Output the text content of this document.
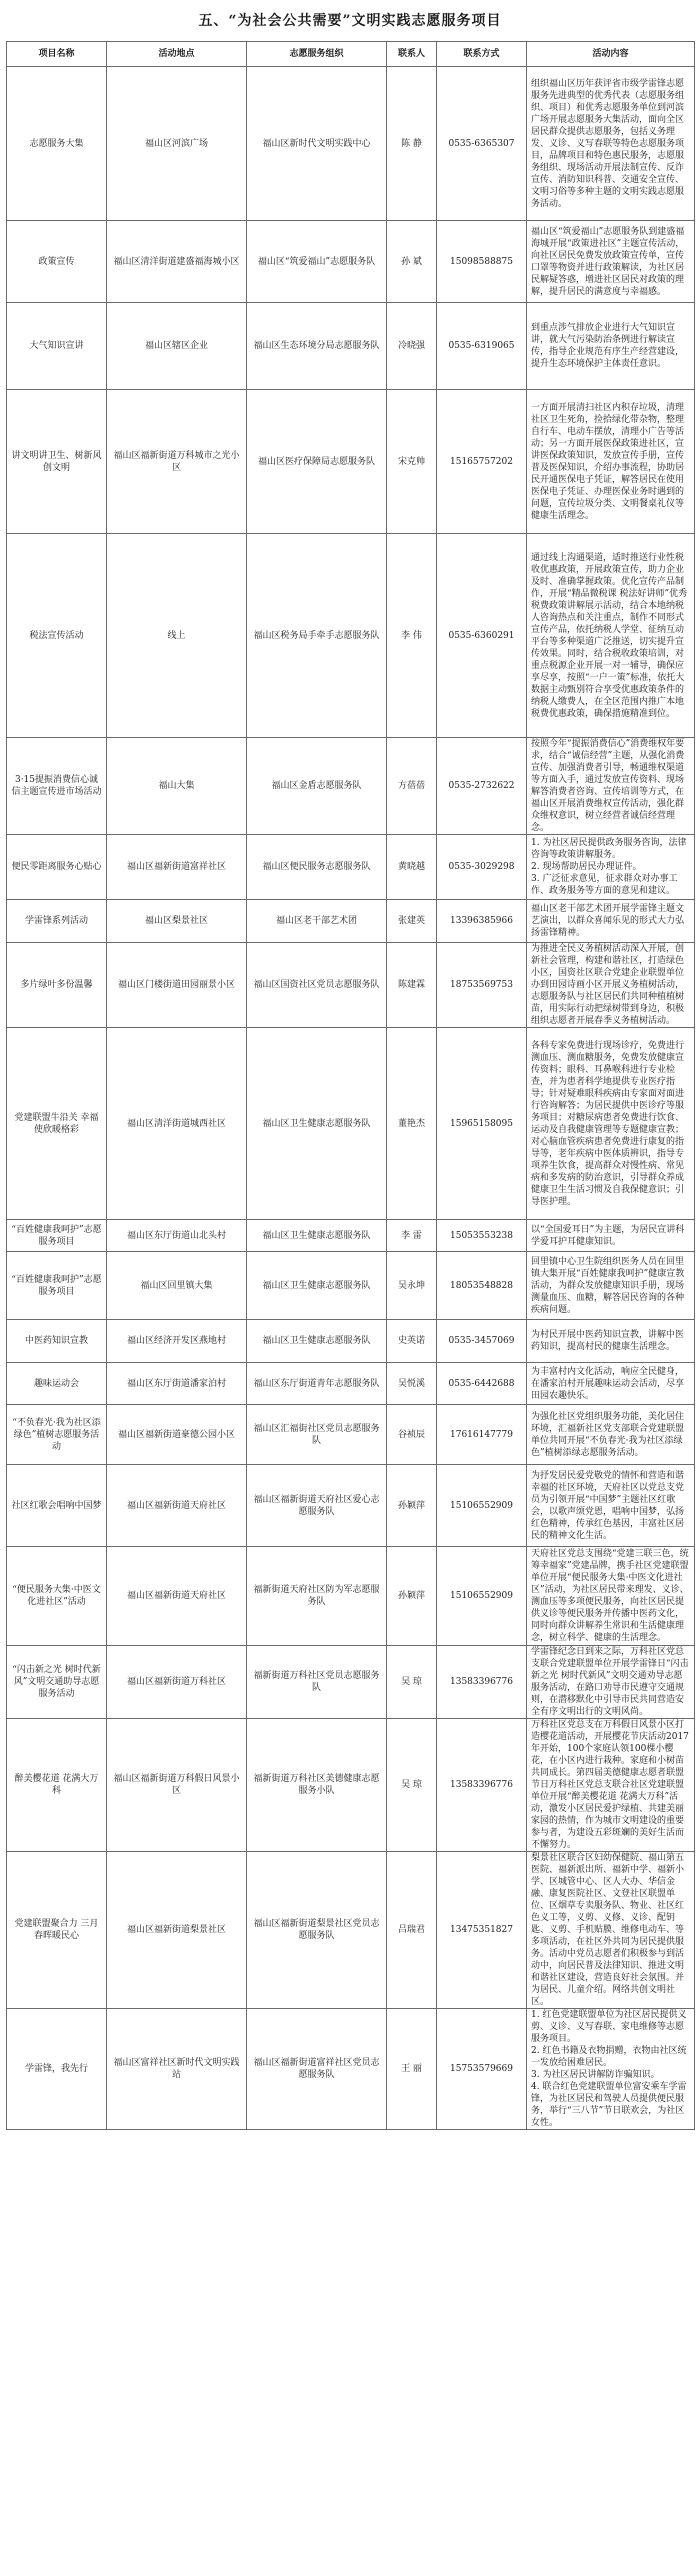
五、“为社会公共需要”文明实践志愿服务项目
项目名称	活动地点	志愿服务组织	联系人	联系方式	活动内容
志愿服务大集	福山区河滨广场	福山区新时代文明实践中心	陈 静	0535-6365307	组织福山区历年获评省市级学雷锋志愿服务先进典型的优秀代表（志愿服务组织、项目）和优秀志愿服务单位到河滨广场开展志愿服务大集活动，面向全区居民群众提供志愿服务，包括义务理发、义诊、义写春联等特色志愿服务项目，品牌项目和特色惠民服务，志愿服务组织、现场活动开展法制宣传、反诈宣传、消防知识科普、交通安全宣传、文明习俗等多种主题的文明实践志愿服务活动。
政策宣传	福山区清洋街道建盛福海城小区	福山区“筑爱福山”志愿服务队	孙 斌	15098588875	福山区“筑爱福山”志愿服务队到建盛福海城开展“政策进社区”主题宣传活动，向社区居民免费发放政策宣传单，宣传口罩等物资并进行政策解读，为社区居民解疑答惑，增进社区居民对政策的理解，提升居民的满意度与幸福感。
大气知识宣讲	福山区辖区企业	福山区生态环境分局志愿服务队	冷晓强	0535-6319065	到重点涉气排放企业进行大气知识宣讲，就大气污染防治条例进行解读宣传，指导企业规范有序生产经营建设，提升生态环境保护主体责任意识。
讲文明讲卫生、树新风创文明	福山区福新街道万科城市之光小区	福山区医疗保障局志愿服务队	宋克帅	15165757202	一方面开展清扫社区内积存垃圾，清理社区卫生死角，捡拾绿化带杂物，整理自行车、电动车摆放，清理小广告等活动；另一方面开展医保政策进社区，宣讲医保政策知识，发放宣传手册，宣传普及医保知识，介绍办事流程，协助居民开通医保电子凭证，解答居民在使用医保电子凭证、办理医保业务时遇到的问题，宣传垃圾分类、文明餐桌礼仪等健康生活理念。
税法宣传活动	线上	福山区税务局手牵手志愿服务队	李 伟	0535-6360291	通过线上沟通渠道，适时推送行业性税收优惠政策，开展政策宣传，助力企业及时、准确掌握政策。优化宣传产品制作，开展“精品微税课 税法好讲师”优秀税费政策讲解展示活动，结合本地纳税人咨询热点和关注重点，制作不同形式宣传产品，依托纳税人学堂、征纳互动平台等多种渠道广泛推送，切实提升宣传效果。同时，结合税收政策培训，对重点税源企业开展一对一辅导，确保应享尽享，按照“一户一策”标准，依托大数据主动甄别符合享受优惠政策条件的纳税人缴费人，在全区范围内推广本地税费优惠政策，确保措施精准到位。
3·15提振消费信心诚信主题宣传进市场活动	福山大集	福山区金盾志愿服务队	方蓓蓓	0535-2732622	按照今年“提振消费信心”消费维权年要求，结合“诚信经营”主题，从强化消费宣传、加强消费者引导，畅通维权渠道等方面入手，通过发放宣传资料、现场解答消费者咨询、宣传培训等方式，在福山区开展消费维权宣传活动，强化群众维权意识，树立经营者诚信经营理念。
便民零距离服务心贴心	福山区福新街道富祥社区	福山区便民服务志愿服务队	黄晓越	0535-3029298	1. 为社区居民提供政务服务咨询，法律咨询等政策讲解服务。
2. 现场帮助居民办理证件。
3. 广泛征求意见，征求群众对办事工作、政务服务等方面的意见和建议。
学雷锋系列活动	福山区梨景社区	福山区老干部艺术团	张建英	13396385966	福山区老干部艺术团开展学雷锋主题文艺演出，以群众喜闻乐见的形式大力弘扬雷锋精神。
多片绿叶多份温馨	福山区门楼街道田园丽景小区	福山区国资社区党员志愿服务队	陈建霖	18753569753	为推进全民义务植树活动深入开展，创新社会管理，构建和谐社区，打造绿色小区，国资社区联合党建企业联盟单位办到田园诗画小区开展义务植树活动，志愿服务队与社区居民们共同种植植树苗，用实际行动把绿树带到身边，积极组织志愿者开展春季义务植树活动。
党建联盟牛沿关 幸福使欣暖格彩	福山区清洋街道城西社区	福山区卫生健康志愿服务队	董艳杰	15965158095	各科专家免费进行现场诊疗，免费进行测血压、测血糖服务，免费发放健康宣传资料；眼科、耳鼻喉科进行专业检查，并为患者科学地提供专业医疗指导；针对疑难眼科疾病由专家面对面进行咨询解答；为居民提供中医诊疗等服务项目；对糖尿病患者免费进行饮食、运动及自我健康管理等专题健康宣教；对心脑血管疾病患者免费进行康复的指导等，老年疾病中医体质辨识，指导专项养生饮食，提高群众对慢性病、常见病和多发病的防治意识，引导群众养成健康卫生生活习惯及自我保健意识；引导医护理。
“百姓健康我呵护”志愿服务项目	福山区东厅街道山北头村	福山区卫生健康志愿服务队	李 雷	15053553238	以“全国爱耳日”为主题，为居民宣讲科学爱耳护耳健康知识。
“百姓健康我呵护”志愿服务项目	福山区回里镇大集	福山区卫生健康志愿服务队	吴永坤	18053548828	回里镇中心卫生院组织医务人员在回里镇大集开展“百姓健康我呵护”健康宣教活动，为群众发放健康知识手册，现场测量血压、血糖，解答居民咨询的各种疾病问题。
中医药知识宣教	福山区经济开发区燕地村	福山区卫生健康志愿服务队	史英诺	0535-3457069	为村民开展中医药知识宣教，讲解中医药知识，提高村民的健康生活理念。
趣味运动会	福山区东厅街道潘家泊村	福山区东厅街道青年志愿服务队	吴悦溪	0535-6442688	为丰富村内文化活动，响应全民健身，在潘家泊村开展趣味运动会活动，尽享田园农趣快乐。
“不负春光·我为社区添绿色”植树志愿服务活动	福山区福新街道豪德公园小区	福山区汇福街社区党员志愿服务队	谷祯辰	17616147779	为强化社区党组织服务功能，美化居住环境，汇福新社区党支部联合党建联盟单位共同开展“不负春光·我为社区添绿色”植树添绿志愿服务活动。
社区红歌会唱响中国梦	福山区福新街道天府社区	福山区福新街道天府社区爱心志愿服务队	孙颖萍	15106552909	为抒发居民爱党敬党的情怀和营造和谐幸福的社区环境，天府社区以党总支党员为引领开展“中国梦”主题社区红歌会，以歌声颂党恩，唱响中国梦，弘扬红色精神，传承红色基因，丰富社区居民的精神文化生活。
“便民服务大集·中医文化进社区”活动	福山区福新街道天府社区	福新街道天府社区防为军志愿服务队	孙颖萍	15106552909	天府社区党总支围绕“党建三联三色，统筹幸福家”党建品牌，携手社区党建联盟单位开展“便民服务大集·中医文化进社区”活动，为社区居民带来理发、义诊、测血压等多项便民服务，向社区居民提供义诊等便民服务并传播中医药文化，同时向群众讲解养生常识和生活健康理念，树立科学、健康的生活理念。
“闪击新之光 树时代新风”文明交通助导志愿服务活动	福山区福新街道万科社区	福新街道万科社区党员志愿服务队	吴 琼	13583396776	学雷锋纪念日到来之际，万科社区党总支联合党建联盟单位开展学雷锋日“闪击新之光 树时代新风”文明交通劝导志愿服务活动，在路口劝导市民遵守交通规则，在潜移默化中引导市民共同营造安全有序文明出行的文明风尚。
醉美樱花道 花满大万科	福山区福新街道万科假日风景小区	福新街道万科社区美德健康志愿服务小队	吴 琼	13583396776	万科社区党总支在万科假日风景小区打造樱花道活动，开展樱花节庆活动2017年开始，100个家庭认领100棵小樱花，在小区内进行栽种。家庭和小树苗共同成长。第四届美德健康志愿者联盟节日万科社区党总支联合社区党建联盟单位开展“醉美樱花道 花满大万科”活动，激发小区居民爱护绿植、共建美丽家园的热情，作为城市文明建设的重要参与者，为建设五彩斑斓的美好生活而不懈努力。
党建联盟聚合力 三月春晖暖民心	福山区福新街道梨景社区	福山区福新街道梨景社区党员志愿服务队	吕瑞君	13475351827	梨景社区联合区妇幼保健院、福山第五医院、福新派出所、福新中学、福新小学、区城管中心、区人大办、华信金融、康复医院社区、文登社区联盟单位、区烟草专卖服务队、物业、社区红色义工等，义剪、义修、义诊、配钥匙、义剪、手机贴膜、维修电动车、等多项活动，在社区外共同为居民提供服务。活动中党员志愿者们积极参与到活动中，向居民普及法律知识、推进文明和谐社区建设，营造良好社会氛围。并为居民、儿童介绍。网络共创文明社区。
学雷锋，我先行	福山区富祥社区新时代文明实践站	福山区福新街道富祥社区党员志愿服务队	王 丽	15753579669	1. 红色党建联盟单位为社区居民提供义剪、义诊、义写春联、家电维修等志愿服务项目。
2. 红色书籍及衣物捐赠，衣物由社区统一发放给困难居民。
3. 为社区居民讲解防诈骗知识。
4. 联合红色党建联盟单位富安乘车学雷锋，为社区居民和驾驶人员提供便民服务，举行“三八节”节日联欢会，为社区女性。
